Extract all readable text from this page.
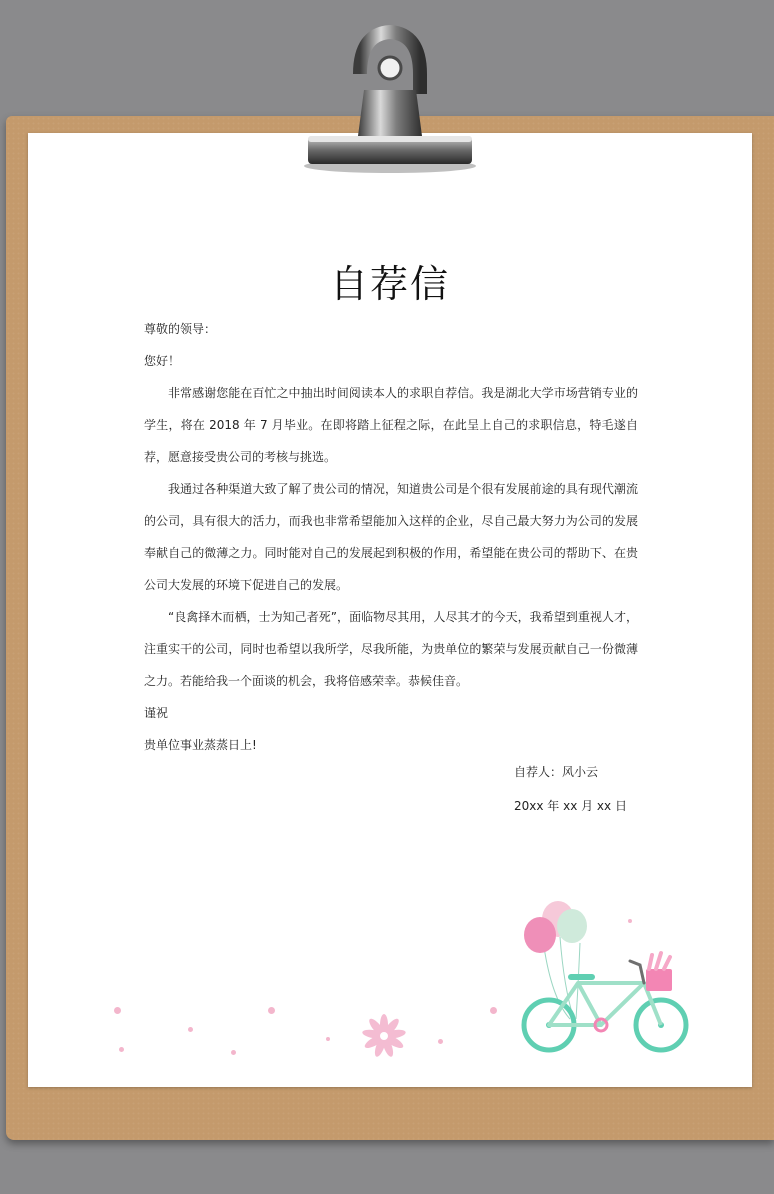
自荐信

尊敬的领导：

您好！

非常感谢您能在百忙之中抽出时间阅读本人的求职自荐信。我是湖北大学市场营销专业的学生，将在 2018 年 7 月毕业。在即将踏上征程之际，在此呈上自己的求职信息，特毛遂自荐，愿意接受贵公司的考核与挑选。

我通过各种渠道大致了解了贵公司的情况，知道贵公司是个很有发展前途的具有现代潮流的公司，具有很大的活力，而我也非常希望能加入这样的企业，尽自己最大努力为公司的发展奉献自己的微薄之力。同时能对自己的发展起到积极的作用，希望能在贵公司的帮助下、在贵公司大发展的环境下促进自己的发展。

“良禽择木而栖，士为知己者死”，面临物尽其用，人尽其才的今天，我希望到重视人才，注重实干的公司，同时也希望以我所学，尽我所能，为贵单位的繁荣与发展贡献自己一份微薄之力。若能给我一个面谈的机会，我将倍感荣幸。恭候佳音。

谨祝

贵单位事业蒸蒸日上!

自荐人：风小云
20xx 年 xx 月 xx 日
